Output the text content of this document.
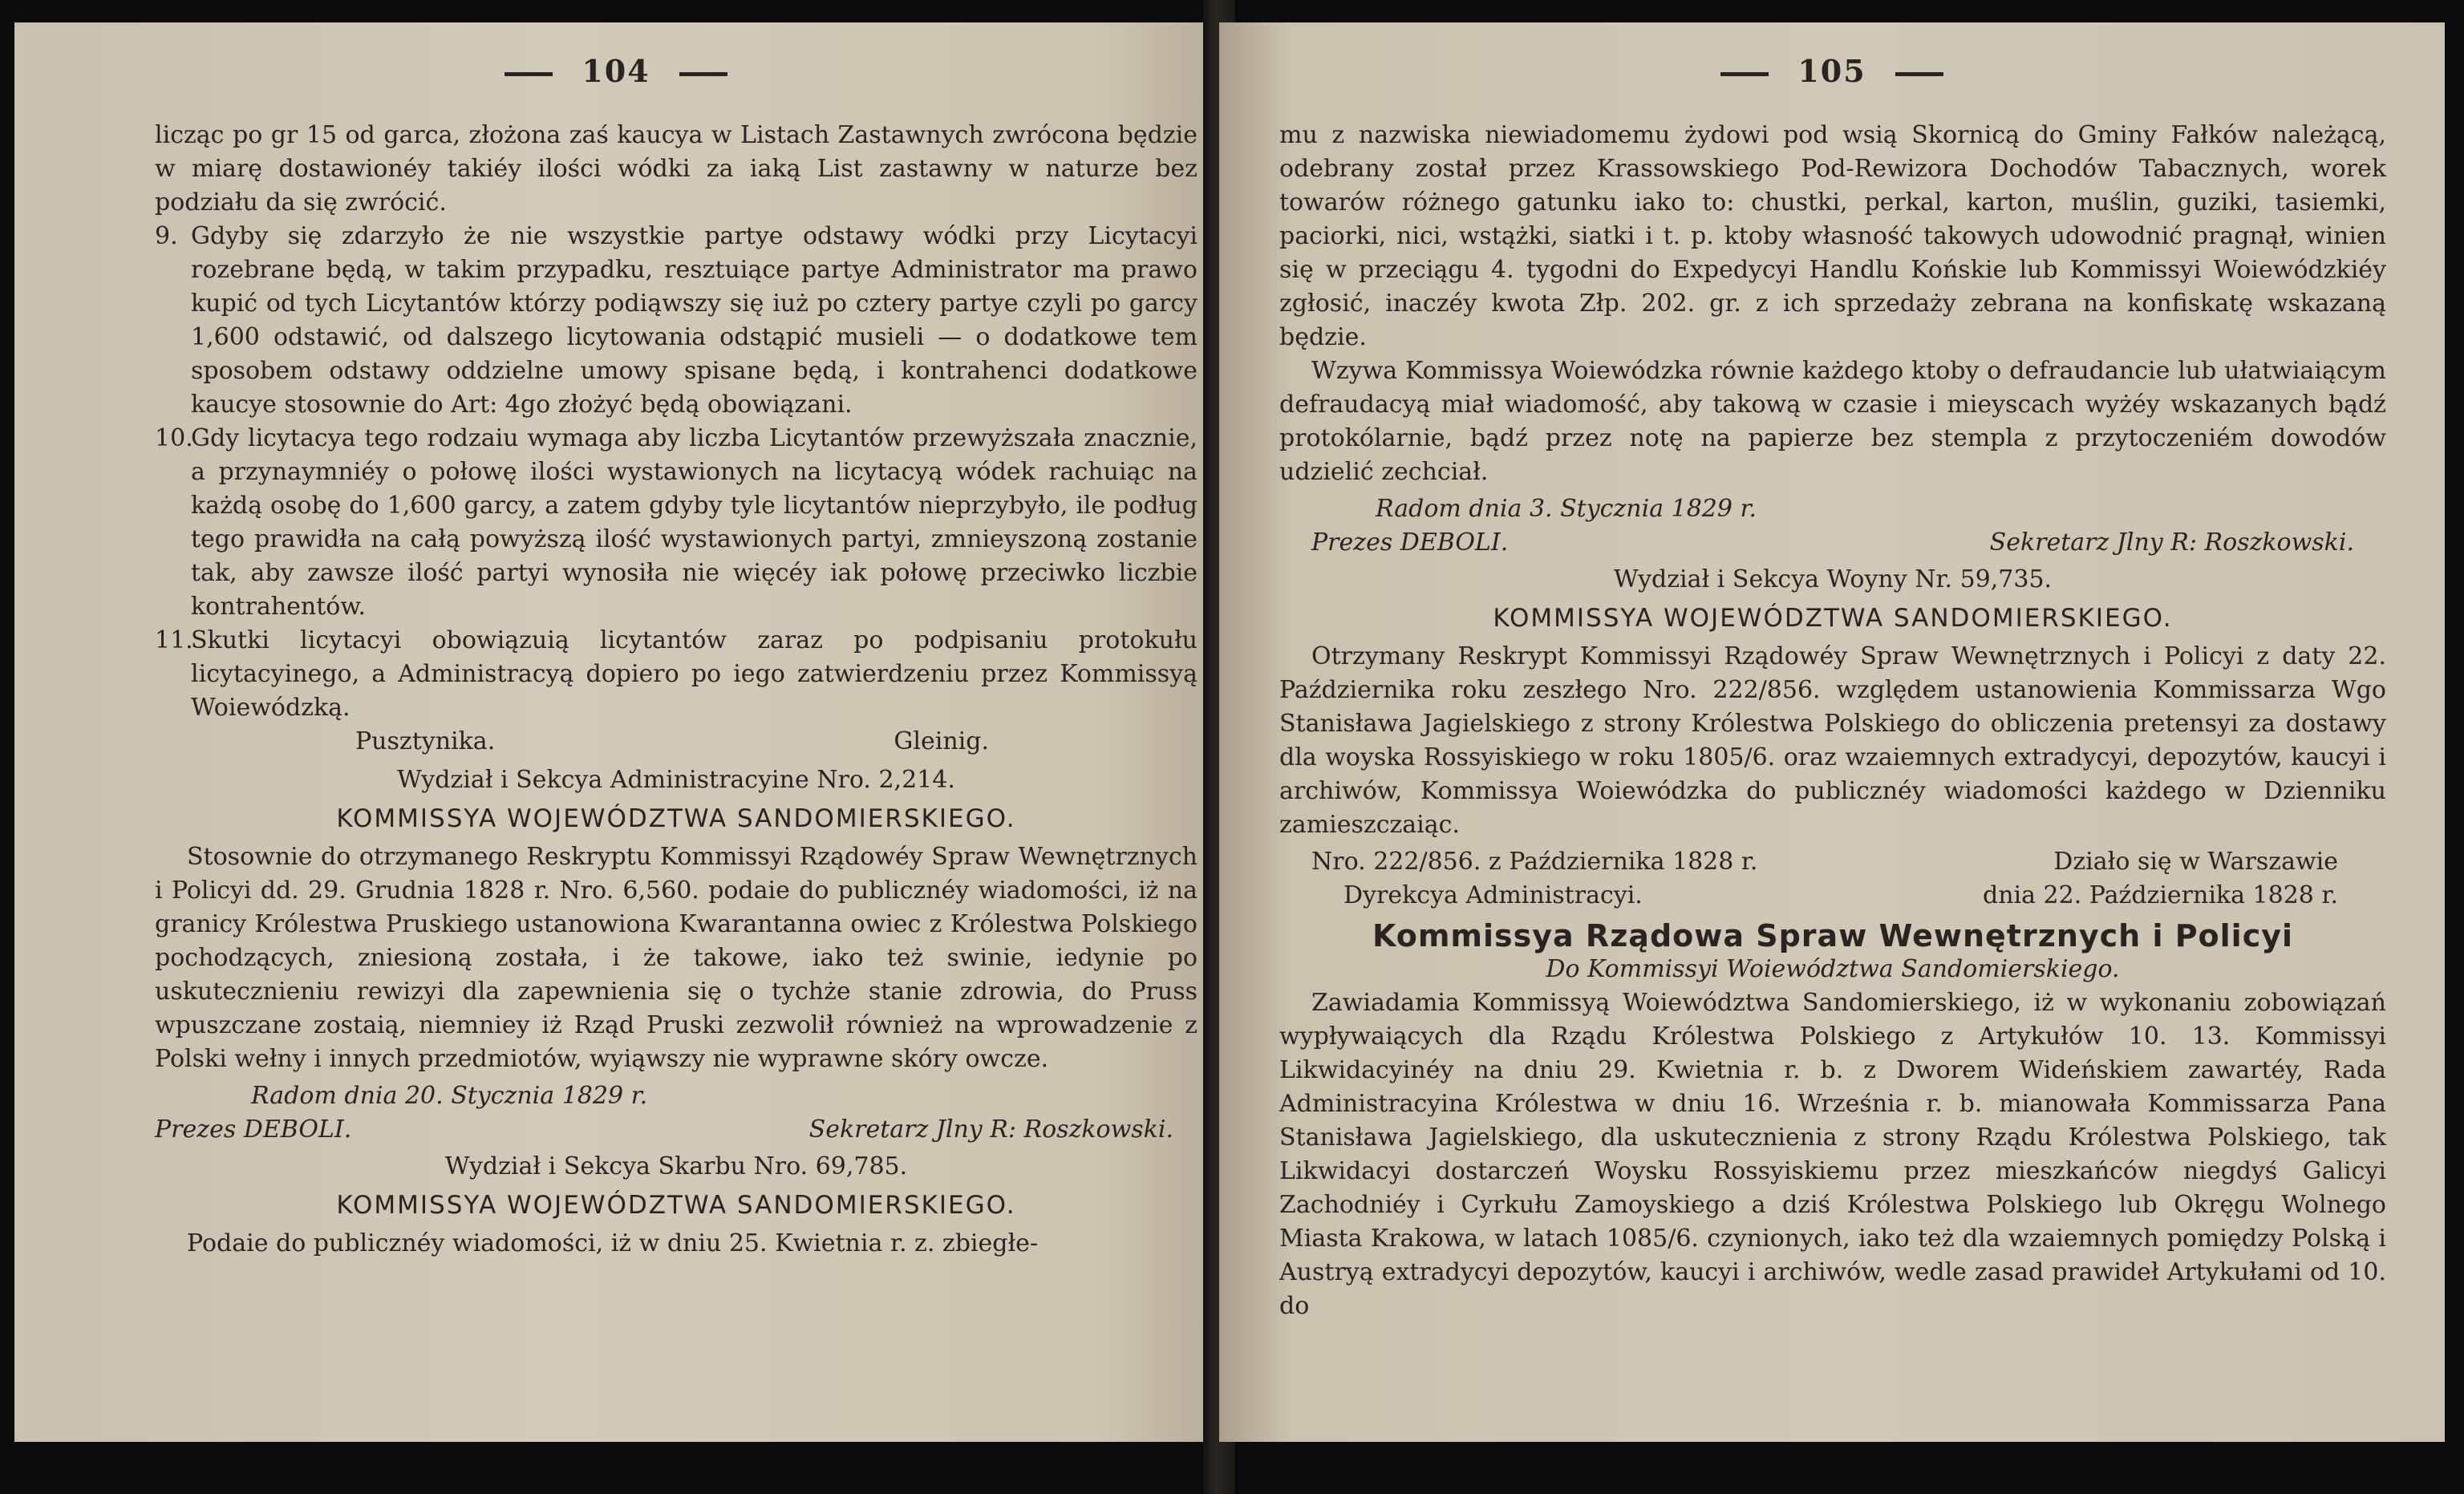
104

licząc po gr 15 od garca, złożona zaś kaucya w Listach Zastawnych zwrócona będzie w miarę dostawionéy takiéy ilości wódki za iaką List zastawny w naturze bez podziału da się zwrócić.

9. Gdyby się zdarzyło że nie wszystkie partye odstawy wódki przy Licytacyi rozebrane będą, w takim przypadku, resztuiące partye Administrator ma prawo kupić od tych Licytantów którzy podiąwszy się iuż po cztery partye czyli po garcy 1,600 odstawić, od dalszego licytowania odstąpić musieli — o dodatkowe tem sposobem odstawy oddzielne umowy spisane będą, i kontrahenci dodatkowe kaucye stosownie do Art: 4go złożyć będą obowiązani.
10.
Gdy licytacya tego rodzaiu wymaga aby liczba Licytantów przewyższała znacznie, a przynaymniéy o połowę ilości wystawionych na licytacyą wódek rachuiąc na każdą osobę do 1,600 garcy, a zatem gdyby tyle licytantów nieprzybyło, ile podług tego prawidła na całą powyższą ilość wystawionych partyi, zmnieyszoną zostanie tak, aby zawsze ilość partyi wynosiła nie więcéy iak połowę przeciwko liczbie kontrahentów.
11.
Skutki licytacyi obowiązuią licytantów zaraz po podpisaniu protokułu licytacyinego, a Administracyą dopiero po iego zatwierdzeniu przez Kommissyą Woiewódzką.
Pusztynika.	Gleinig.
Wydział i Sekcya Administracyine Nro. 2,214.
KOMMISSYA WOJEWÓDZTWA SANDOMIERSKIEGO.

Stosownie do otrzymanego Reskryptu Kommissyi Rządowéy Spraw Wewnętrznych i Policyi dd. 29. Grudnia 1828 r. Nro. 6,560. podaie do publicznéy wiadomości, iż na granicy Królestwa Pruskiego ustanowiona Kwarantanna owiec z Królestwa Polskiego pochodzących, zniesioną została, i że takowe, iako też swinie, iedynie po uskutecznieniu rewizyi dla zapewnienia się o tychże stanie zdrowia, do Pruss wpuszczane zostaią, niemniey iż Rząd Pruski zezwolił również na wprowadzenie z Polski wełny i innych przedmiotów, wyiąwszy nie wyprawne skóry owcze.

Radom dnia 20. Stycznia 1829 r.
Prezes DEBOLI.	Sekretarz Jlny R: Roszkowski.
Wydział i Sekcya Skarbu Nro. 69,785.
KOMMISSYA WOJEWÓDZTWA SANDOMIERSKIEGO.

Podaie do publicznéy wiadomości, iż w dniu 25. Kwietnia r. z. zbiegłe-

105

mu z nazwiska niewiadomemu żydowi pod wsią Skornicą do Gminy Fałków należącą, odebrany został przez Krassowskiego Pod-Rewizora Dochodów Tabacznych, worek towarów różnego gatunku iako to: chustki, perkal, karton, muślin, guziki, tasiemki, paciorki, nici, wstążki, siatki i t. p. ktoby własność takowych udowodnić pragnął, winien się w przeciągu 4. tygodni do Expedycyi Handlu Końskie lub Kommissyi Woiewódzkiéy zgłosić, inaczéy kwota Złp. 202. gr. z ich sprzedaży zebrana na konfiskatę wskazaną będzie.

Wzywa Kommissya Woiewódzka równie każdego ktoby o defraudancie lub ułatwiaiącym defraudacyą miał wiadomość, aby takową w czasie i mieyscach wyżéy wskazanych bądź protokólarnie, bądź przez notę na papierze bez stempla z przytoczeniém dowodów udzielić zechciał.

Radom dnia 3. Stycznia 1829 r.
Prezes DEBOLI.	Sekretarz Jlny R: Roszkowski.
Wydział i Sekcya Woyny Nr. 59,735.
KOMMISSYA WOJEWÓDZTWA SANDOMIERSKIEGO.

Otrzymany Reskrypt Kommissyi Rządowéy Spraw Wewnętrznych i Policyi z daty 22. Października roku zeszłego Nro. 222/856. względem ustanowienia Kommissarza Wgo Stanisława Jagielskiego z strony Królestwa Polskiego do obliczenia pretensyi za dostawy dla woyska Rossyiskiego w roku 1805/6. oraz wzaiemnych extradycyi, depozytów, kaucyi i archiwów, Kommissya Woiewódzka do publicznéy wiadomości każdego w Dzienniku zamieszczaiąc.

Nro. 222/856. z Października 1828 r.	Działo się w Warszawie
Dyrekcya Administracyi.	dnia 22. Października 1828 r.
Kommissya Rządowa Spraw Wewnętrznych i Policyi
Do Kommissyi Woiewództwa Sandomierskiego.

Zawiadamia Kommissyą Woiewództwa Sandomierskiego, iż w wykonaniu zobowiązań wypływaiących dla Rządu Królestwa Polskiego z Artykułów 10. 13. Kommissyi Likwidacyinéy na dniu 29. Kwietnia r. b. z Dworem Wideńskiem zawartéy, Rada Administracyina Królestwa w dniu 16. Września r. b. mianowała Kommissarza Pana Stanisława Jagielskiego, dla uskutecznienia z strony Rządu Królestwa Polskiego, tak Likwidacyi dostarczeń Woysku Rossyiskiemu przez mieszkańców niegdyś Galicyi Zachodniéy i Cyrkułu Zamoyskiego a dziś Królestwa Polskiego lub Okręgu Wolnego Miasta Krakowa, w latach 1085/6. czynionych, iako też dla wzaiemnych pomiędzy Polską i Austryą extradycyi depozytów, kaucyi i archiwów, wedle zasad prawideł Artykułami od 10. do
